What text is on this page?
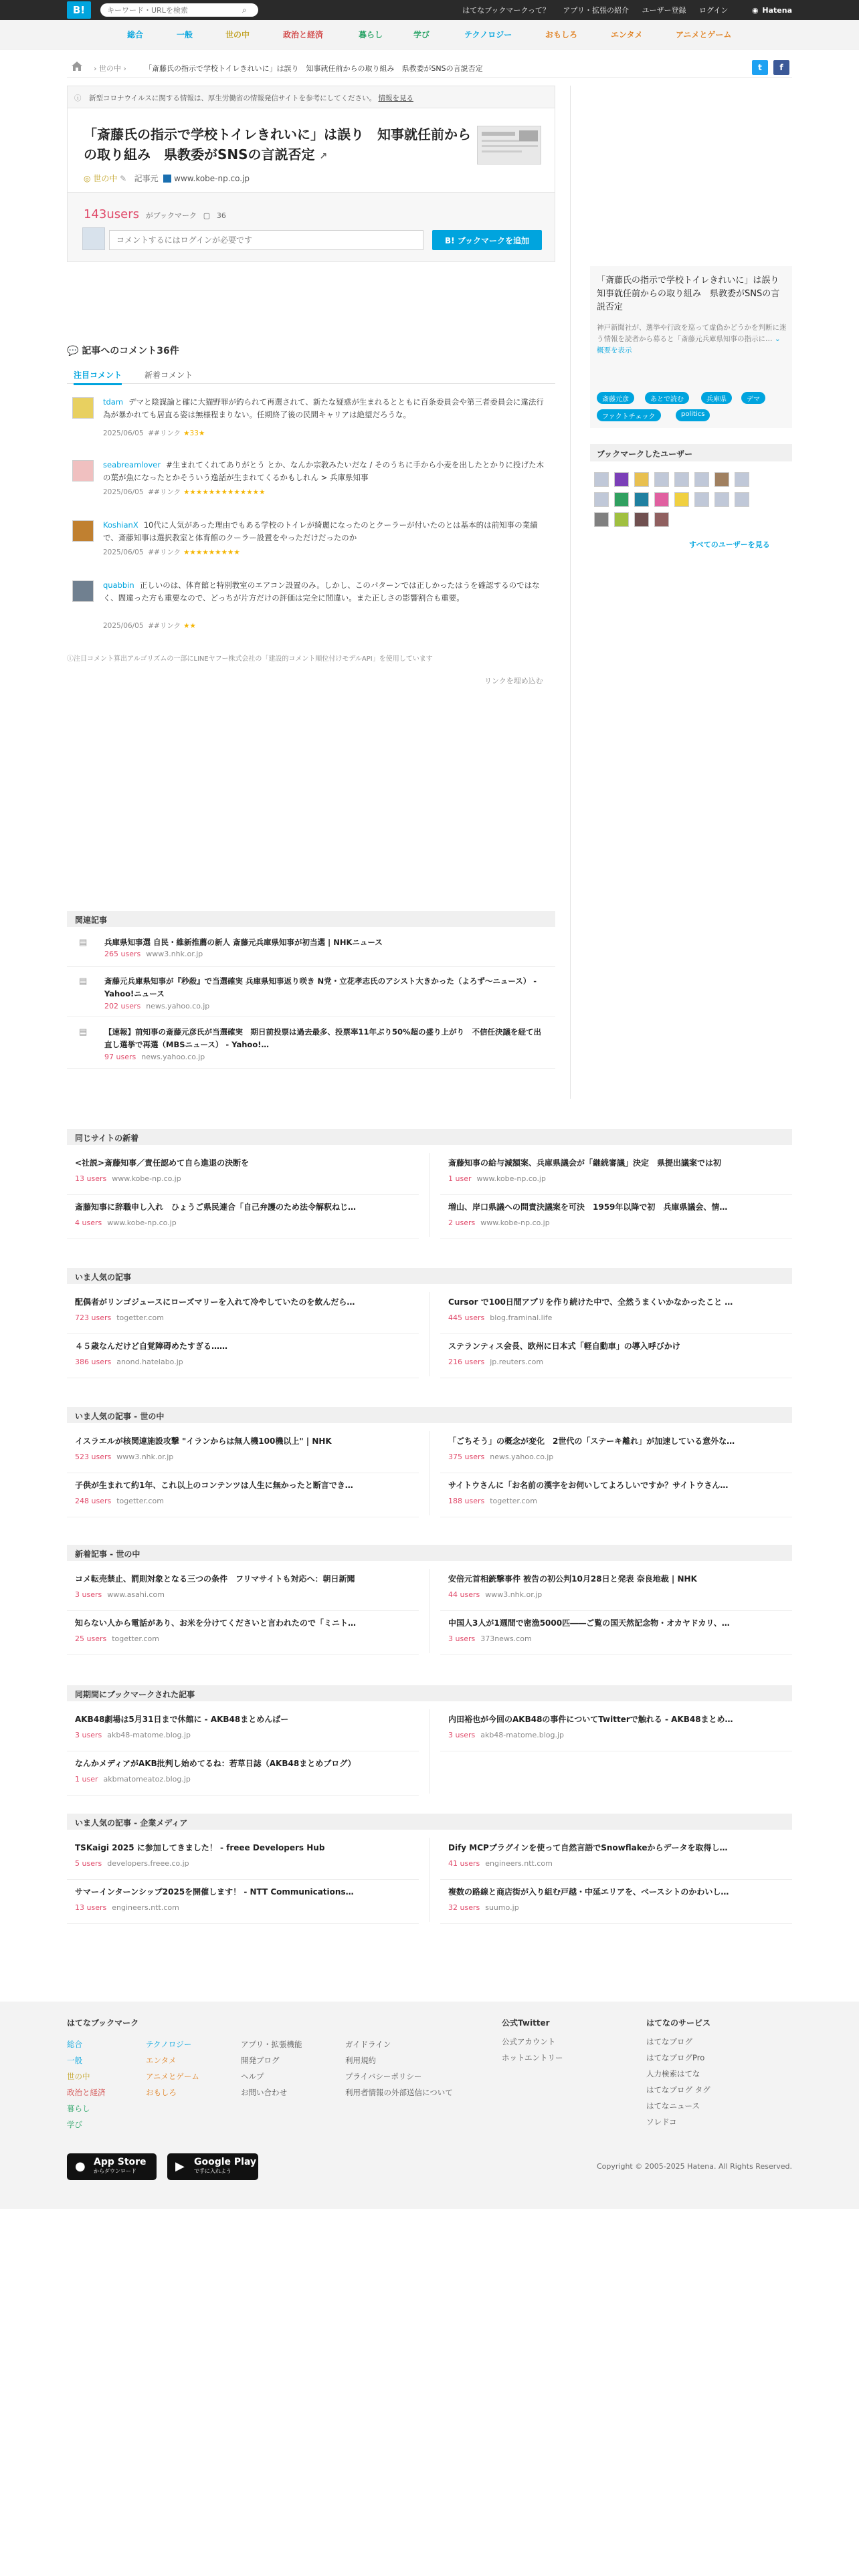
B!
キーワード・URLを検索	⌕	はてなブックマークって？ アプリ・拡張の紹介 ユーザー登録 ログイン	◉ Hatena
総合	一般	世の中	政治と経済	暮らし	学び	テクノロジー	おもしろ	エンタメ	アニメとゲーム
› 世の中 › 「斎藤氏の指示で学校トイレきれいに」は誤り　知事就任前からの取り組み　県教委がSNSの言説否定	t	f
ⓘ 新型コロナウイルスに関する情報は、厚生労働省の情報発信サイトを参考にしてください。 情報を見る
「斎藤氏の指示で学校トイレきれいに」は誤り　知事就任前からの取り組み　県教委がSNSの言説否定 ↗
◎ 世の中 ✎ 記事元 www.kobe-np.co.jp
143users がブックマーク ▢ 36
コメントするにはログインが必要です
B! ブックマークを追加
💬 記事へのコメント36件
注目コメント	新着コメント
tdam デマと陰謀論と確に大猫野罪が釣られて再選されて、新たな疑惑が生まれるとともに百条委員会や第三者委員会に違法行為が暴かれても居直る姿は無様程まりない。任期終了後の民間キャリアは絶望だろうな。
2025/06/05 ##リンク ★33★
seabreamlover #生まれてくれてありがとう とか、なんか宗教みたいだな / そのうちに手から小麦を出したとかりに投げた木の葉が魚になったとかそういう逸話が生まれてくるかもしれん > 兵庫県知事
2025/06/05 ##リンク ★★★★★★★★★★★★★
KoshianX 10代に人気があった理由でもある学校のトイレが綺麗になったのとクーラーが付いたのとは基本的は前知事の業績で、斎藤知事は選択教室と体育館のクーラー設置をやっただけだったのか
2025/06/05 ##リンク ★★★★★★★★★
quabbin 正しいのは、体育館と特別教室のエアコン設置のみ。しかし、このパターンでは正しかったはうを確認するのではなく、間違った方も重要なので、どっちが片方だけの評価は完全に間違い。また正しさの影響割合も重要。
2025/06/05 ##リンク ★★
ⓘ注目コメント算出アルゴリズムの一部にLINEヤフー株式会社の「建設的コメント順位付けモデルAPI」を使用しています
リンクを埋め込む
関連記事
▤ 兵庫県知事選 自民・維新推薦の新人 斎藤元兵庫県知事が初当選 | NHKニュース
265 users www3.nhk.or.jp
▤ 斎藤元兵庫県知事が『秒殺』で当選確実 兵庫県知事返り咲き N党・立花孝志氏のアシスト大きかった（よろず～ニュース） - Yahoo!ニュース
202 users news.yahoo.co.jp
▤ 【速報】前知事の斎藤元彦氏が当選確実　期日前投票は過去最多、投票率11年ぶり50%超の盛り上がり　不信任決議を経て出直し選挙で再選（MBSニュース） - Yahoo!…
97 users news.yahoo.co.jp
「斎藤氏の指示で学校トイレきれいに」は誤り　知事就任前からの取り組み　県教委がSNSの言説否定
神戸新聞社が、選挙や行政を巡って虚偽かどうかを判断に迷う情報を読者から募ると「斎藤元兵庫県知事の指示に… ⌄ 概要を表示
斎藤元彦	あとで読む	兵庫県	デマ
ファクトチェック	politics
ブックマークしたユーザー
すべてのユーザーを見る
同じサイトの新着
<社説>斎藤知事／責任認めて自ら進退の決断を
13 users www.kobe-np.co.jp
斎藤知事の給与減額案、兵庫県議会が「継続審議」決定　県提出議案では初
1 user www.kobe-np.co.jp
斎藤知事に辞職申し入れ　ひょうご県民連合「自己弁護のため法令解釈ねじ…
4 users www.kobe-np.co.jp
増山、岸口県議への問責決議案を可決　1959年以降で初　兵庫県議会、情…
2 users www.kobe-np.co.jp
いま人気の記事
配偶者がリンゴジュースにローズマリーを入れて冷やしていたのを飲んだら…
723 users togetter.com
Cursor で100日間アプリを作り続けた中で、全然うまくいかなかったこと …
445 users blog.framinal.life
４５歳なんだけど自覚障碍めたすぎる……
386 users anond.hatelabo.jp
ステランティス会長、欧州に日本式「軽自動車」の導入呼びかけ
216 users jp.reuters.com
いま人気の記事 - 世の中
イスラエルが核関連施設攻撃 "イランからは無人機100機以上" | NHK
523 users www3.nhk.or.jp
「ごちそう」の概念が変化　2世代の「ステーキ離れ」が加速している意外な…
375 users news.yahoo.co.jp
子供が生まれて約1年、これ以上のコンテンツは人生に無かったと断言でき…
248 users togetter.com
サイトウさんに「お名前の漢字をお伺いしてよろしいですか？サイトウさん…
188 users togetter.com
新着記事 - 世の中
コメ転売禁止、罰則対象となる三つの条件　フリマサイトも対応へ：朝日新聞
3 users www.asahi.com
安倍元首相銃撃事件 被告の初公判10月28日と発表 奈良地裁 | NHK
44 users www3.nhk.or.jp
知らない人から電話があり、お米を分けてくださいと言われたので「ミニト…
25 users togetter.com
中国人3人が1週間で密漁5000匹――ご覧の国天然記念物・オカヤドカリ、…
3 users 373news.com
同期間にブックマークされた記事
AKB48劇場は5月31日まで休館に - AKB48まとめんばー
3 users akb48-matome.blog.jp
内田裕也が今回のAKB48の事件についてTwitterで触れる - AKB48まとめ…
3 users akb48-matome.blog.jp
なんかメディアがAKB批判し始めてるね：若草日誌（AKB48まとめブログ）
1 user akbmatomeatoz.blog.jp
いま人気の記事 - 企業メディア
TSKaigi 2025 に参加してきました！ - freee Developers Hub
5 users developers.freee.co.jp
Dify MCPプラグインを使って自然言語でSnowflakeからデータを取得し…
41 users engineers.ntt.com
サマーインターンシップ2025を開催します！ - NTT Communications…
13 users engineers.ntt.com
複数の路線と商店街が入り組む戸越・中延エリアを、ベースシトのかわいし…
32 users suumo.jp
はてなブックマーク
総合
一般
世の中
政治と経済
暮らし
学び
テクノロジー
エンタメ
アニメとゲーム
おもしろ
アプリ・拡張機能
開発ブログ
ヘルプ
お問い合わせ
ガイドライン
利用規約
プライバシーポリシー
利用者情報の外部送信について
公式Twitter
公式アカウント
ホットエントリー
はてなのサービス
はてなブログ
はてなブログPro
人力検索はてな
はてなブログ タグ
はてなニュース
ソレドコ
● App Store
からダウンロード	▶ Google Play
で手に入れよう
Copyright © 2005-2025 Hatena. All Rights Reserved.
